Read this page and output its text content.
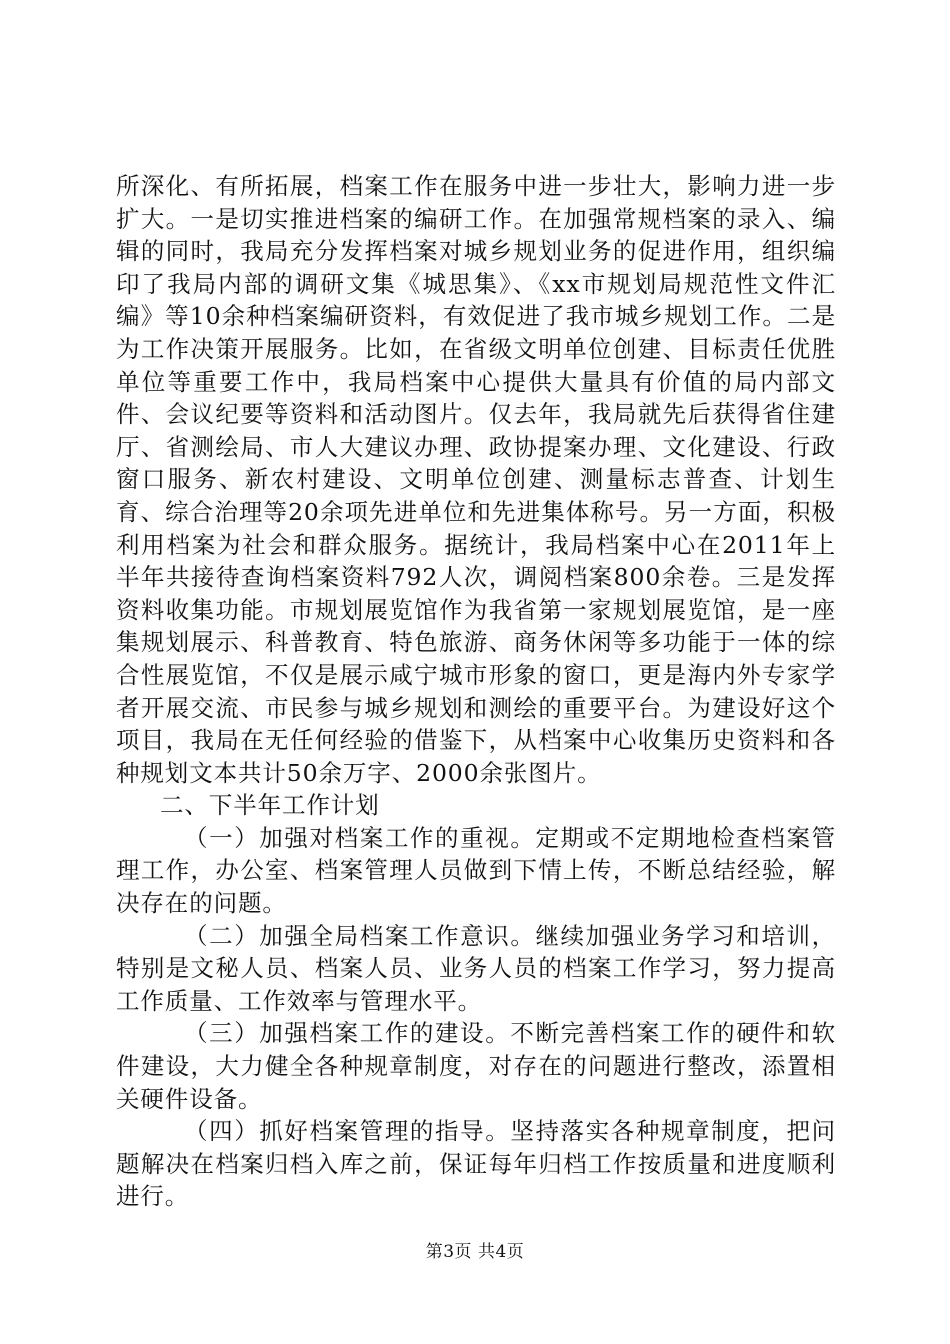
所深化、有所拓展，档案工作在服务中进一步壮大，影响力进一步扩大。一是切实推进档案的编研工作。在加强常规档案的录入、编辑的同时，我局充分发挥档案对城乡规划业务的促进作用，组织编印了我局内部的调研文集《城思集》、《xx市规划局规范性文件汇编》等10余种档案编研资料，有效促进了我市城乡规划工作。二是为工作决策开展服务。比如，在省级文明单位创建、目标责任优胜单位等重要工作中，我局档案中心提供大量具有价值的局内部文件、会议纪要等资料和活动图片。仅去年，我局就先后获得省住建厅、省测绘局、市人大建议办理、政协提案办理、文化建设、行政窗口服务、新农村建设、文明单位创建、测量标志普查、计划生育、综合治理等20余项先进单位和先进集体称号。另一方面，积极利用档案为社会和群众服务。据统计，我局档案中心在2011年上半年共接待查询档案资料792人次，调阅档案800余卷。三是发挥资料收集功能。市规划展览馆作为我省第一家规划展览馆，是一座集规划展示、科普教育、特色旅游、商务休闲等多功能于一体的综合性展览馆，不仅是展示咸宁城市形象的窗口，更是海内外专家学者开展交流、市民参与城乡规划和测绘的重要平台。为建设好这个项目，我局在无任何经验的借鉴下，从档案中心收集历史资料和各种规划文本共计50余万字、2000余张图片。

二、下半年工作计划

（一）加强对档案工作的重视。定期或不定期地检查档案管理工作，办公室、档案管理人员做到下情上传，不断总结经验，解决存在的问题。

（二）加强全局档案工作意识。继续加强业务学习和培训，特别是文秘人员、档案人员、业务人员的档案工作学习，努力提高工作质量、工作效率与管理水平。

（三）加强档案工作的建设。不断完善档案工作的硬件和软件建设，大力健全各种规章制度，对存在的问题进行整改，添置相关硬件设备。

（四）抓好档案管理的指导。坚持落实各种规章制度，把问题解决在档案归档入库之前，保证每年归档工作按质量和进度顺利进行。

第3页 共4页
